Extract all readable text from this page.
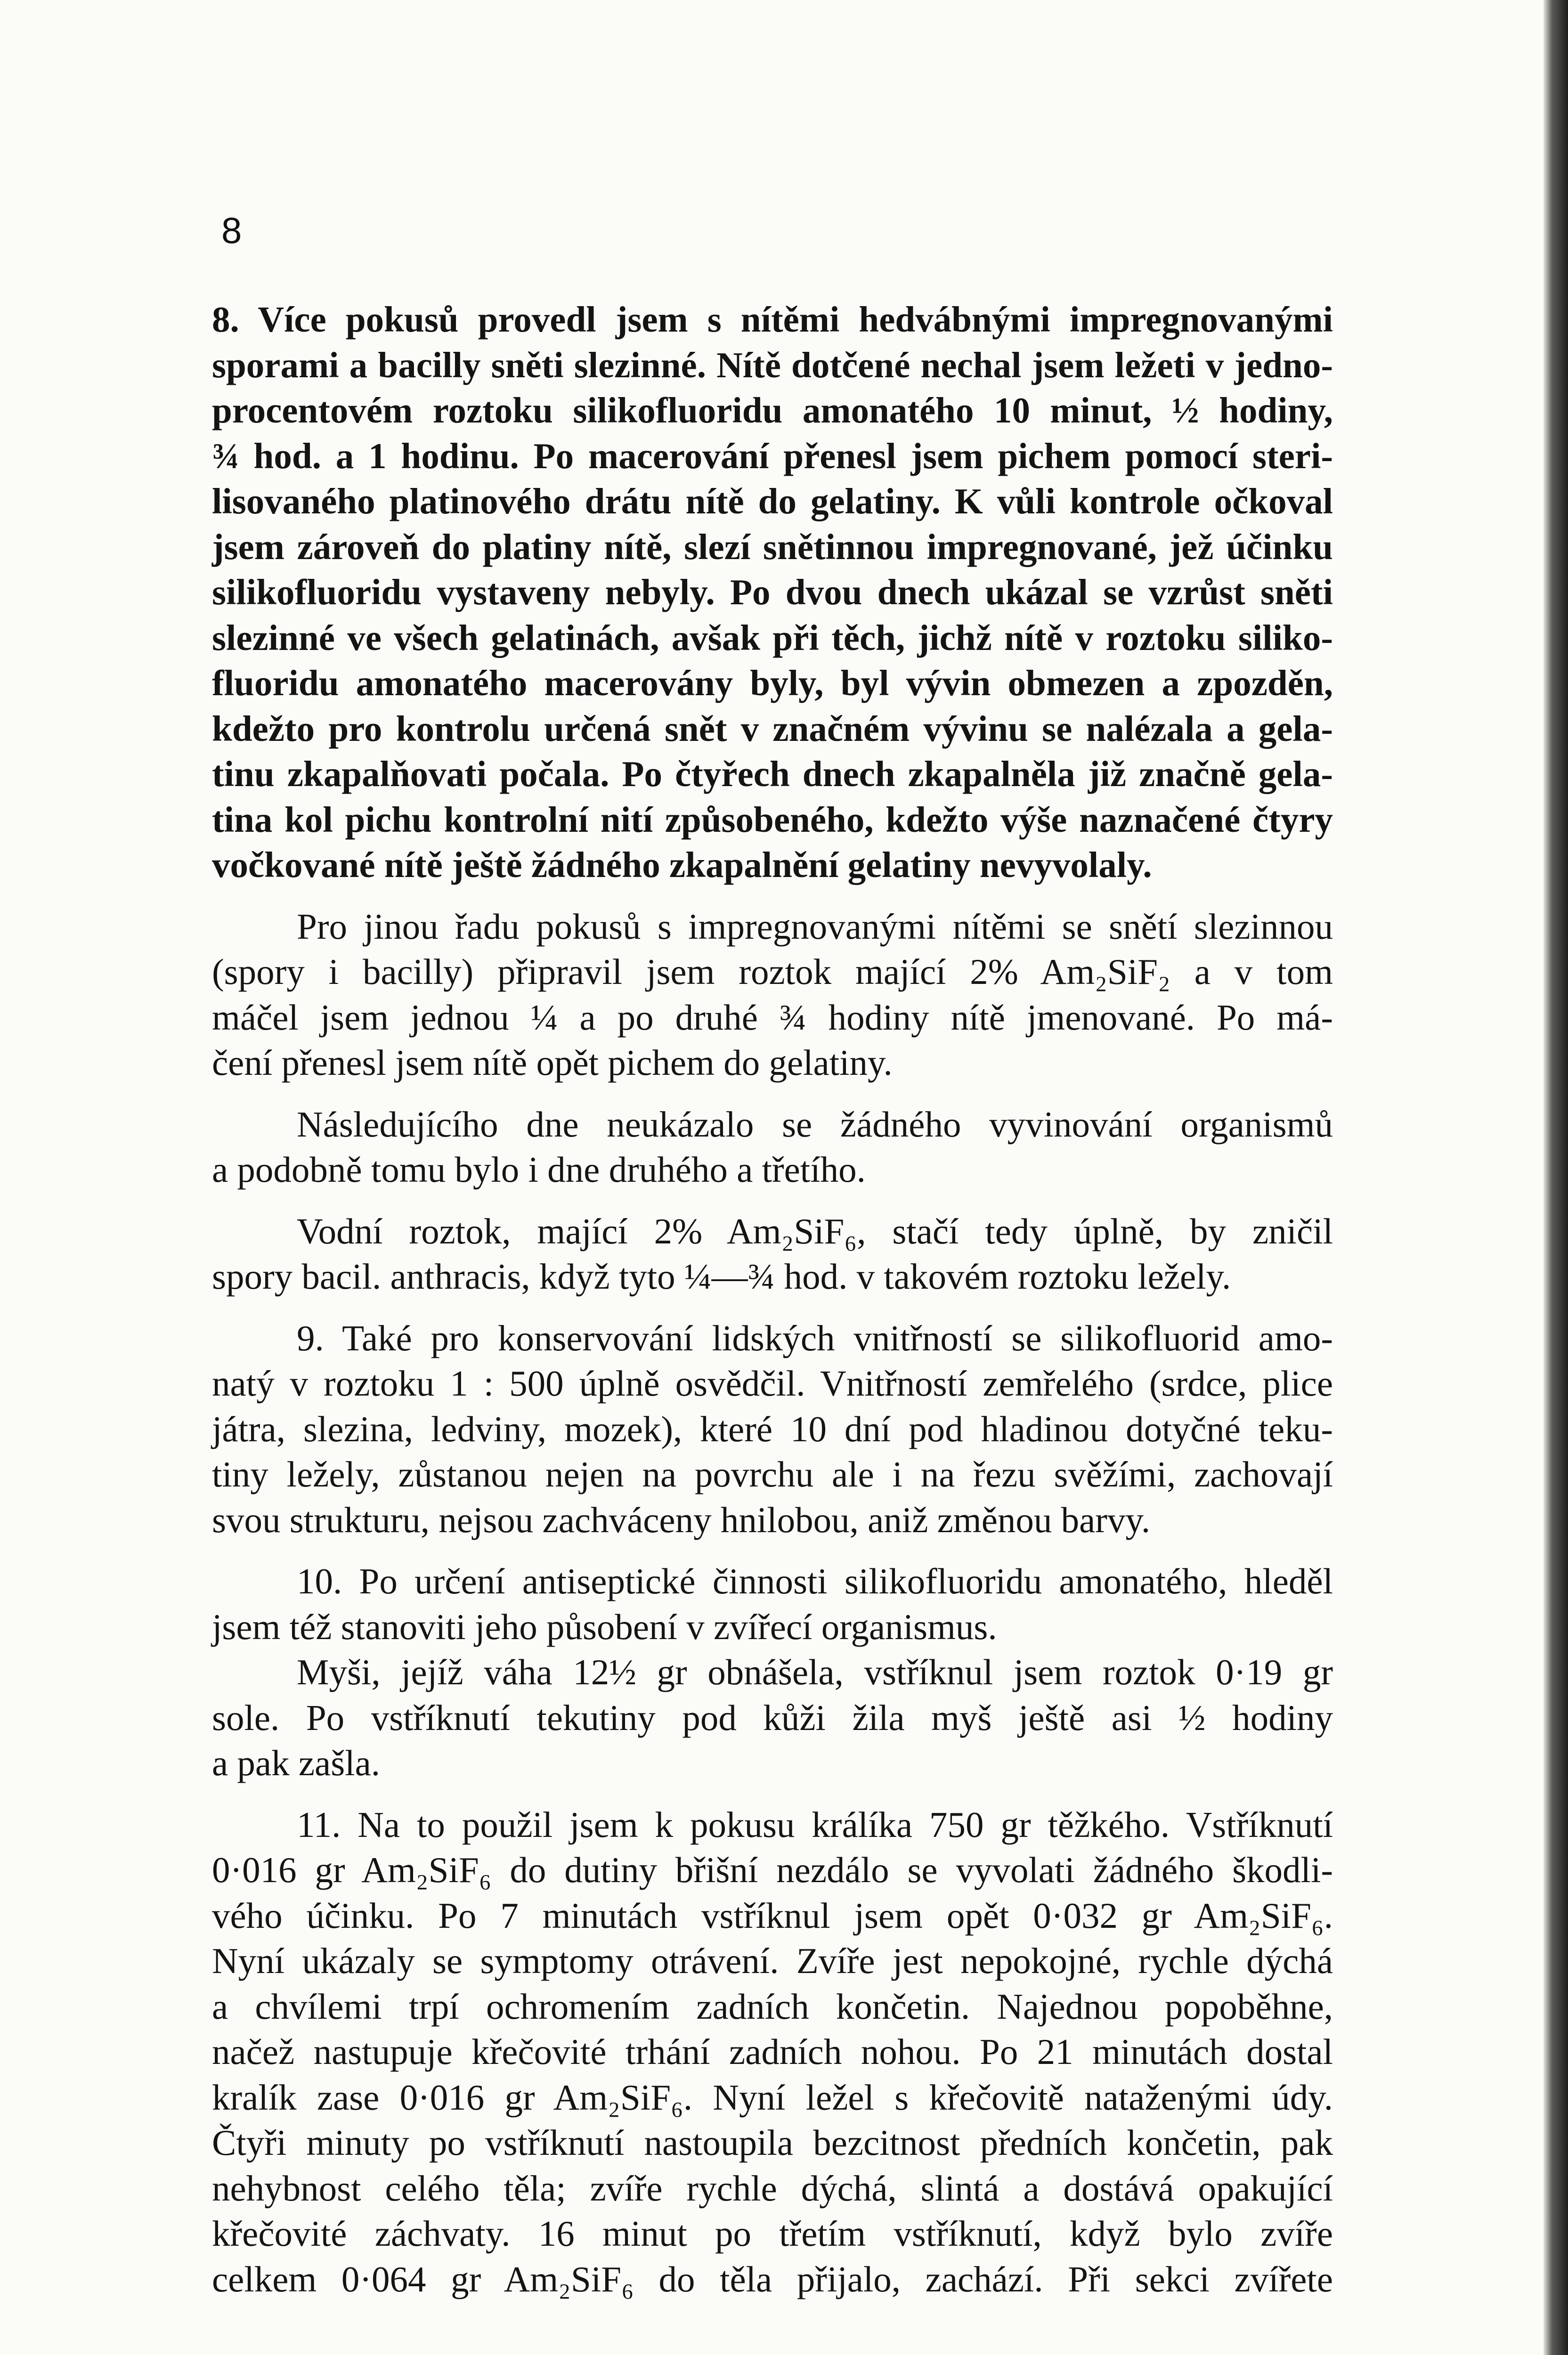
8
8. Více pokusů provedl jsem s nítěmi hedvábnými impregnovanými
sporami a bacilly sněti slezinné. Nítě dotčené nechal jsem ležeti v jedno-
procentovém roztoku silikofluoridu amonatého 10 minut, ½ hodiny,
¾ hod. a 1 hodinu. Po macerování přenesl jsem pichem pomocí steri-
lisovaného platinového drátu nítě do gelatiny. K vůli kontrole očkoval
jsem zároveň do platiny nítě, slezí snětinnou impregnované, jež účinku
silikofluoridu vystaveny nebyly. Po dvou dnech ukázal se vzrůst sněti
slezinné ve všech gelatinách, avšak při těch, jichž nítě v roztoku siliko-
fluoridu amonatého macerovány byly, byl vývin obmezen a zpozděn,
kdežto pro kontrolu určená snět v značném vývinu se nalézala a gela-
tinu zkapalňovati počala. Po čtyřech dnech zkapalněla již značně gela-
tina kol pichu kontrolní nití způsobeného, kdežto výše naznačené čtyry
vočkované nítě ještě žádného zkapalnění gelatiny nevyvolaly.
Pro jinou řadu pokusů s impregnovanými nítěmi se snětí slezinnou
(spory i bacilly) připravil jsem roztok mající 2% Am₂SiF₂ a v tom
máčel jsem jednou ¼ a po druhé ¾ hodiny nítě jmenované. Po má-
čení přenesl jsem nítě opět pichem do gelatiny.
Následujícího dne neukázalo se žádného vyvinování organismů
a podobně tomu bylo i dne druhého a třetího.
Vodní roztok, mající 2% Am₂SiF₆, stačí tedy úplně, by zničil
spory bacil. anthracis, když tyto ¼—¾ hod. v takovém roztoku ležely.
9. Také pro konservování lidských vnitřností se silikofluorid amo-
natý v roztoku 1 : 500 úplně osvědčil. Vnitřností zemřelého (srdce, plice
játra, slezina, ledviny, mozek), které 10 dní pod hladinou dotyčné teku-
tiny ležely, zůstanou nejen na povrchu ale i na řezu svěžími, zachovají
svou strukturu, nejsou zachváceny hnilobou, aniž změnou barvy.
10. Po určení antiseptické činnosti silikofluoridu amonatého, hleděl
jsem též stanoviti jeho působení v zvířecí organismus.
Myši, jejíž váha 12½ gr obnášela, vstříknul jsem roztok 0·19 gr
sole. Po vstříknutí tekutiny pod kůži žila myš ještě asi ½ hodiny
a pak zašla.
11. Na to použil jsem k pokusu králíka 750 gr těžkého. Vstříknutí
0·016 gr Am₂SiF₆ do dutiny břišní nezdálo se vyvolati žádného škodli-
vého účinku. Po 7 minutách vstříknul jsem opět 0·032 gr Am₂SiF₆.
Nyní ukázaly se symptomy otrávení. Zvíře jest nepokojné, rychle dýchá
a chvílemi trpí ochromením zadních končetin. Najednou popoběhne,
načež nastupuje křečovité trhání zadních nohou. Po 21 minutách dostal
kralík zase 0·016 gr Am₂SiF₆. Nyní ležel s křečovitě nataženými údy.
Čtyři minuty po vstříknutí nastoupila bezcitnost předních končetin, pak
nehybnost celého těla; zvíře rychle dýchá, slintá a dostává opakující
křečovité záchvaty. 16 minut po třetím vstříknutí, když bylo zvíře
celkem 0·064 gr Am₂SiF₆ do těla přijalo, zachází. Při sekci zvířete
